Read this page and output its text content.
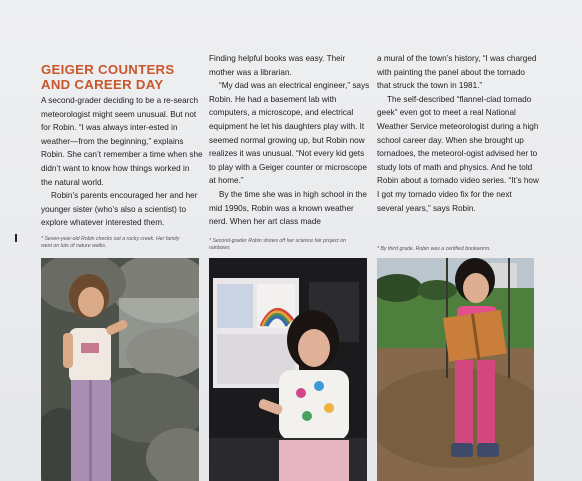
GEIGER COUNTERS
AND CAREER DAY

A second-grader deciding to be a re-search meteorologist might seem unusual. But not for Robin. “I was always inter-ested in weather—from the beginning,” explains Robin. She can’t remember a time when she didn’t want to know how things worked in the natural world.

Robin’s parents encouraged her and her younger sister (who’s also a scientist) to explore whatever interested them.

Finding helpful books was easy. Their mother was a librarian.

“My dad was an electrical engineer,” says Robin. He had a basement lab with computers, a microscope, and electrical equipment he let his daughters play with. It seemed normal growing up, but Robin now realizes it was unusual. “Not every kid gets to play with a Geiger counter or microscope at home.”

By the time she was in high school in the mid 1990s, Robin was a known weather nerd. When her art class made

a mural of the town’s history, “I was charged with painting the panel about the tornado that struck the town in 1981.”

The self-described “flannel-clad tornado geek” even got to meet a real National Weather Service meteorologist during a high school career day. When she brought up tornadoes, the meteorol-ogist advised her to study lots of math and physics. And he told Robin about a tornado video series. “It’s how I got my tornado video fix for the next several years,” says Robin.

* Seven-year-old Robin checks out a rocky creek. Her family went on lots of nature walks.
* Second-grader Robin shows off her science fair project on rainbows	* By third grade, Robin was a certified bookworm.
